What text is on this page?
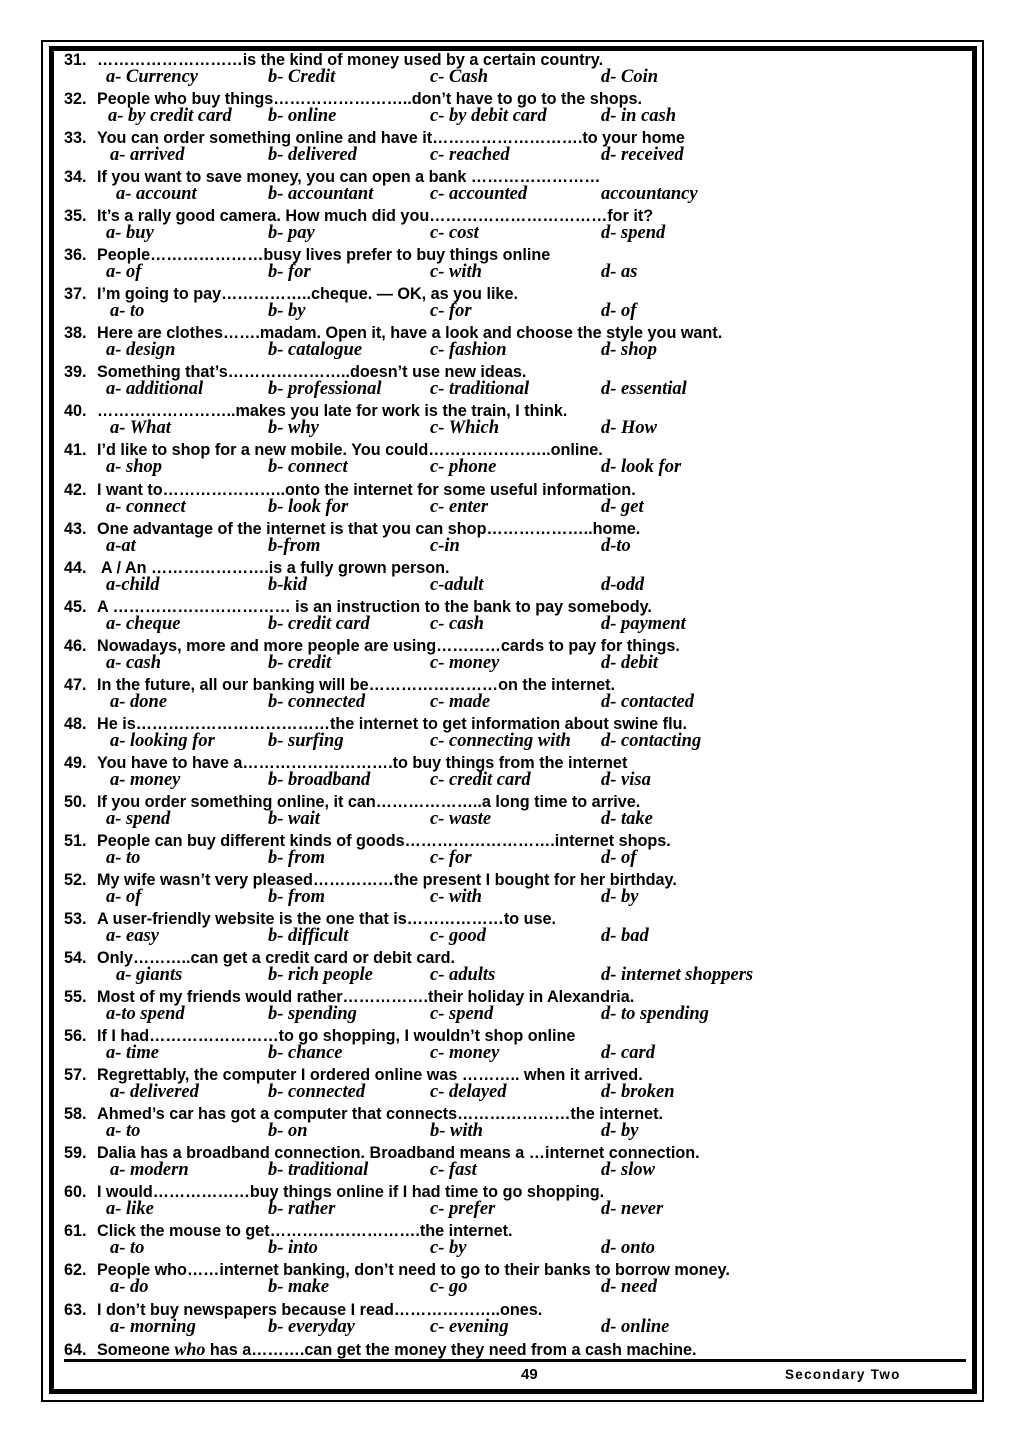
31. ………………………is the kind of money used by a certain country.
a- Currency	b- Credit	c- Cash	d- Coin
32. People who buy things……………………..don’t have to go to the shops.
a- by credit card b- online	c- by debit card	d- in cash
33. You can order something online and have it……………………….to your home
a- arrived	b- delivered	c- reached	d- received
34. If you want to save money, you can open a bank ……………………
a- account	b- accountant	c- accounted	accountancy
35. It’s a rally good camera. How much did you……………………………for it?
a- buy	b- pay	c- cost	d- spend
36. People…………………busy lives prefer to buy things online
a- of	b- for	c- with	d- as
37. I’m going to pay……………..cheque. — OK, as you like.
a- to	b- by	c- for	d- of
38. Here are clothes…….madam. Open it, have a look and choose the style you want.
a- design	b- catalogue	c- fashion	d- shop
39. Something that’s…………………..doesn’t use new ideas.
a- additional	b- professional	c- traditional	d- essential
40. ……………………..makes you late for work is the train, I think.
a- What	b- why	c- Which	d- How
41. I’d like to shop for a new mobile. You could…………………..online.
a- shop	b- connect	c- phone	d- look for
42. I want to…………………..onto the internet for some useful information.
a- connect	b- look for	c- enter	d- get
43. One advantage of the internet is that you can shop………………..home.
a-at	b-from	c-in	d-to
44. A / An ………………….is a fully grown person.
a-child	b-kid	c-adult	d-odd
45. A …………………………… is an instruction to the bank to pay somebody.
a- cheque	b- credit card	c- cash	d- payment
46. Nowadays, more and more people are using…………cards to pay for things.
a- cash	b- credit	c- money	d- debit
47. In the future, all our banking will be……………………on the internet.
a- done	b- connected	c- made	d- contacted
48. He is………………………………the internet to get information about swine flu.
a- looking for	b- surfing	c- connecting with d- contacting
49. You have to have a……………………….to buy things from the internet
a- money	b- broadband	c- credit card	d- visa
50. If you order something online, it can………………..a long time to arrive.
a- spend	b- wait	c- waste	d- take
51. People can buy different kinds of goods……………………….internet shops.
a- to	b- from	c- for	d- of
52. My wife wasn’t very pleased……………the present I bought for her birthday.
a- of	b- from	c- with	d- by
53. A user-friendly website is the one that is………………to use.
a- easy	b- difficult	c- good	d- bad
54. Only………..can get a credit card or debit card.
a- giants	b- rich people	c- adults	d- internet shoppers
55. Most of my friends would rather…………….their holiday in Alexandria.
a-to spend	b- spending	c- spend	d- to spending
56. If I had……………………to go shopping, I wouldn’t shop online
a- time	b- chance	c- money	d- card
57. Regrettably, the computer I ordered online was ……….. when it arrived.
a- delivered	b- connected	c- delayed	d- broken
58. Ahmed’s car has got a computer that connects…………………the internet.
a- to	b- on	b- with	d- by
59. Dalia has a broadband connection. Broadband means a …internet connection.
a- modern	b- traditional	c- fast	d- slow
60. I would………………buy things online if I had time to go shopping.
a- like	b- rather	c- prefer	d- never
61. Click the mouse to get……………………….the internet.
a- to	b- into	c- by	d- onto
62. People who……internet banking, don’t need to go to their banks to borrow money.
a- do	b- make	c- go	d- need
63. I don’t buy newspapers because I read………………..ones.
a- morning	b- everyday	c- evening	d- online
64. Someone who has a……….can get the money they need from a cash machine.
49	Secondary Two
